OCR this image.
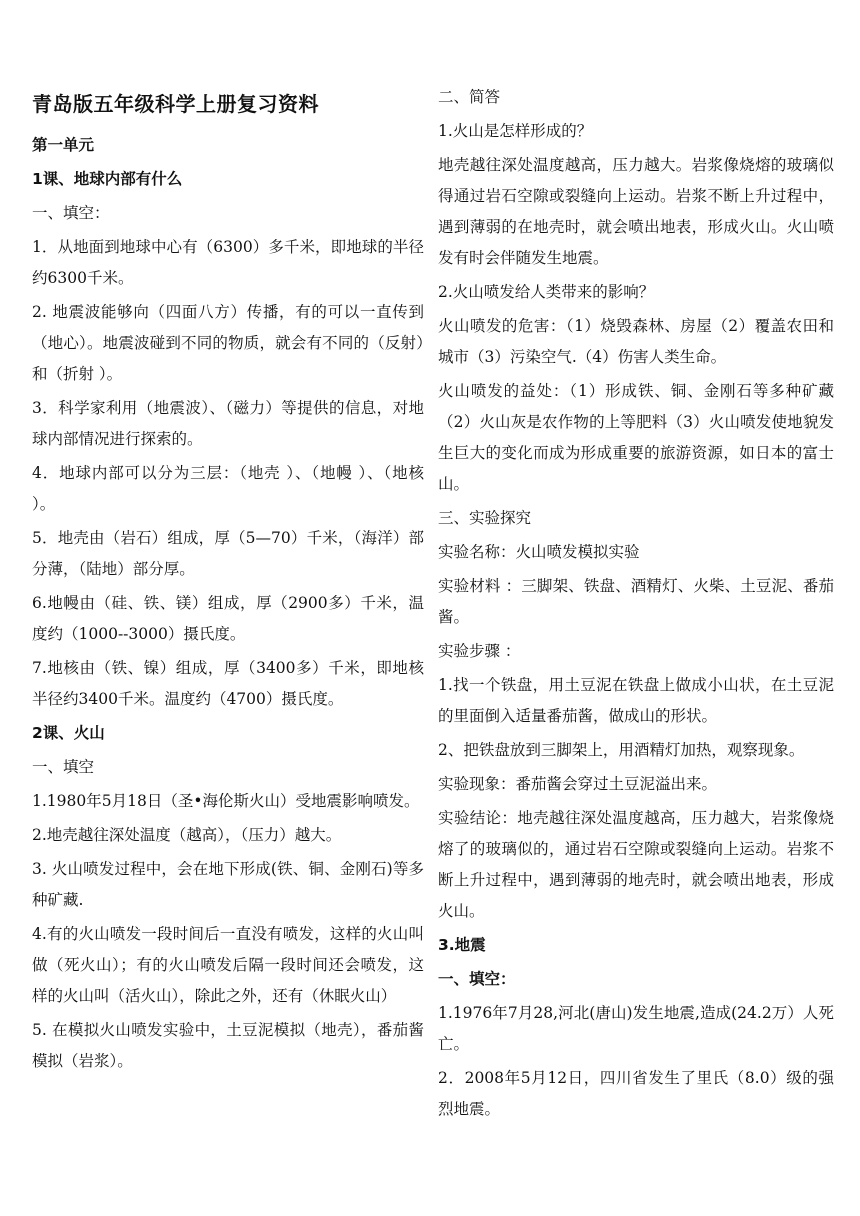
青岛版五年级科学上册复习资料
第一单元
1课、地球内部有什么
一、填空：
1．从地面到地球中心有（6300）多千米，即地球的半径约6300千米。
2. 地震波能够向（四面八方）传播，有的可以一直传到（地心）。地震波碰到不同的物质，就会有不同的（反射）和（折射 ）。
3．科学家利用（地震波）、（磁力）等提供的信息，对地球内部情况进行探索的。
4．地球内部可以分为三层：（地壳 ）、（地幔 ）、（地核 ）。
5．地壳由（岩石）组成，厚（5—70）千米，（海洋）部分薄，（陆地）部分厚。
6.地幔由（硅、铁、镁）组成，厚（2900多）千米，温度约（1000--3000）摄氏度。
7.地核由（铁、镍）组成，厚（3400多）千米，即地核半径约3400千米。温度约（4700）摄氏度。
2课、火山
一、填空
1.1980年5月18日（圣•海伦斯火山）受地震影响喷发。
2.地壳越往深处温度（越高），（压力）越大。
3. 火山喷发过程中，会在地下形成(铁、铜、金刚石)等多种矿藏.
4.有的火山喷发一段时间后一直没有喷发，这样的火山叫做（死火山）；有的火山喷发后隔一段时间还会喷发，这样的火山叫（活火山），除此之外，还有（休眠火山）
5. 在模拟火山喷发实验中，土豆泥模拟（地壳），番茄酱模拟（岩浆）。
二、简答
1.火山是怎样形成的？
地壳越往深处温度越高，压力越大。岩浆像烧熔的玻璃似得通过岩石空隙或裂缝向上运动。岩浆不断上升过程中，遇到薄弱的在地壳时，就会喷出地表，形成火山。火山喷发有时会伴随发生地震。
2.火山喷发给人类带来的影响？
火山喷发的危害：（1）烧毁森林、房屋（2）覆盖农田和城市（3）污染空气.（4）伤害人类生命。
火山喷发的益处：（1）形成铁、铜、金刚石等多种矿藏（2）火山灰是农作物的上等肥料（3）火山喷发使地貌发生巨大的变化而成为形成重要的旅游资源，如日本的富士山。
三、实验探究
实验名称：火山喷发模拟实验
实验材料 ：三脚架、铁盘、酒精灯、火柴、土豆泥、番茄酱。
实验步骤 ：
1.找一个铁盘，用土豆泥在铁盘上做成小山状，在土豆泥的里面倒入适量番茄酱，做成山的形状。
2、把铁盘放到三脚架上，用酒精灯加热，观察现象。
实验现象：番茄酱会穿过土豆泥溢出来。
实验结论：地壳越往深处温度越高，压力越大，岩浆像烧熔了的玻璃似的，通过岩石空隙或裂缝向上运动。岩浆不断上升过程中，遇到薄弱的地壳时，就会喷出地表，形成火山。
3.地震
一、填空：
1.1976年7月28,河北(唐山)发生地震,造成(24.2万）人死亡。
2．2008年5月12日，四川省发生了里氏（8.0）级的强烈地震。
